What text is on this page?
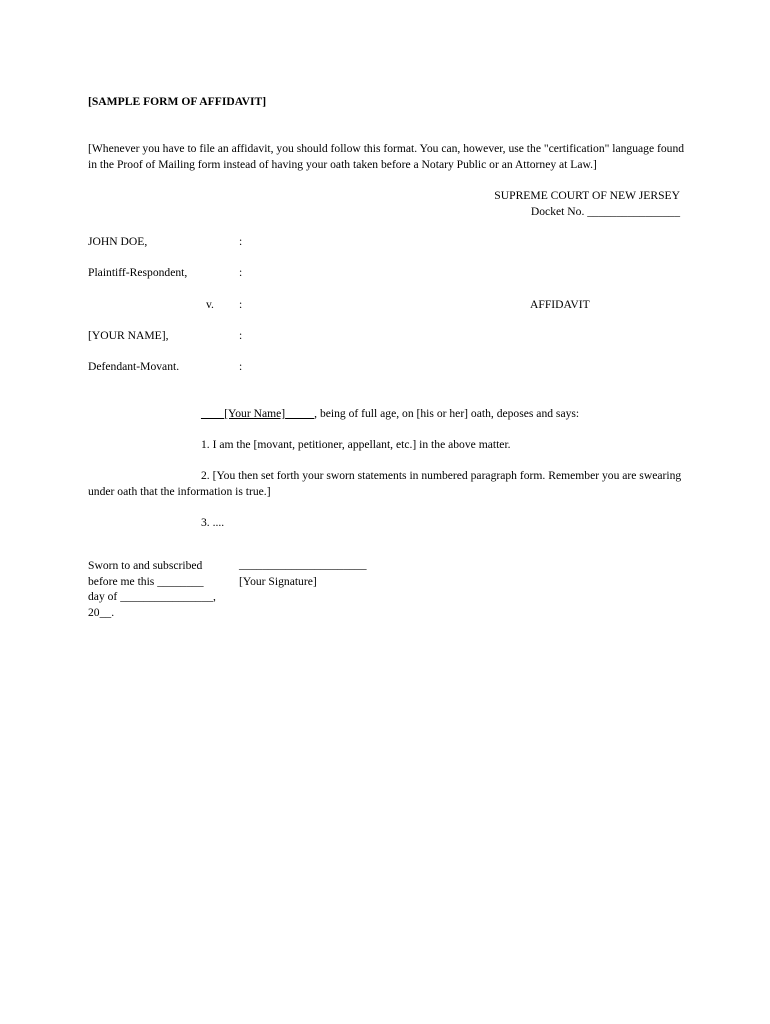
[SAMPLE FORM OF AFFIDAVIT]
[Whenever you have to file an affidavit, you should follow this format. You can, however, use the "certification" language found
in the Proof of Mailing form instead of having your oath taken before a Notary Public or an Attorney at Law.]
SUPREME COURT OF NEW JERSEY
Docket No. ________________
JOHN DOE,	:
Plaintiff-Respondent,	:
v. :	AFFIDAVIT
[YOUR NAME],	:
Defendant-Movant.	:
____[Your Name]_____, being of full age, on [his or her] oath, deposes and says:
1. I am the [movant, petitioner, appellant, etc.] in the above matter.
2. [You then set forth your sworn statements in numbered paragraph form. Remember you are swearing
under oath that the information is true.]
3. ....
Sworn to and subscribed
before me this ________
day of ________________,
20__.
______________________
[Your Signature]
